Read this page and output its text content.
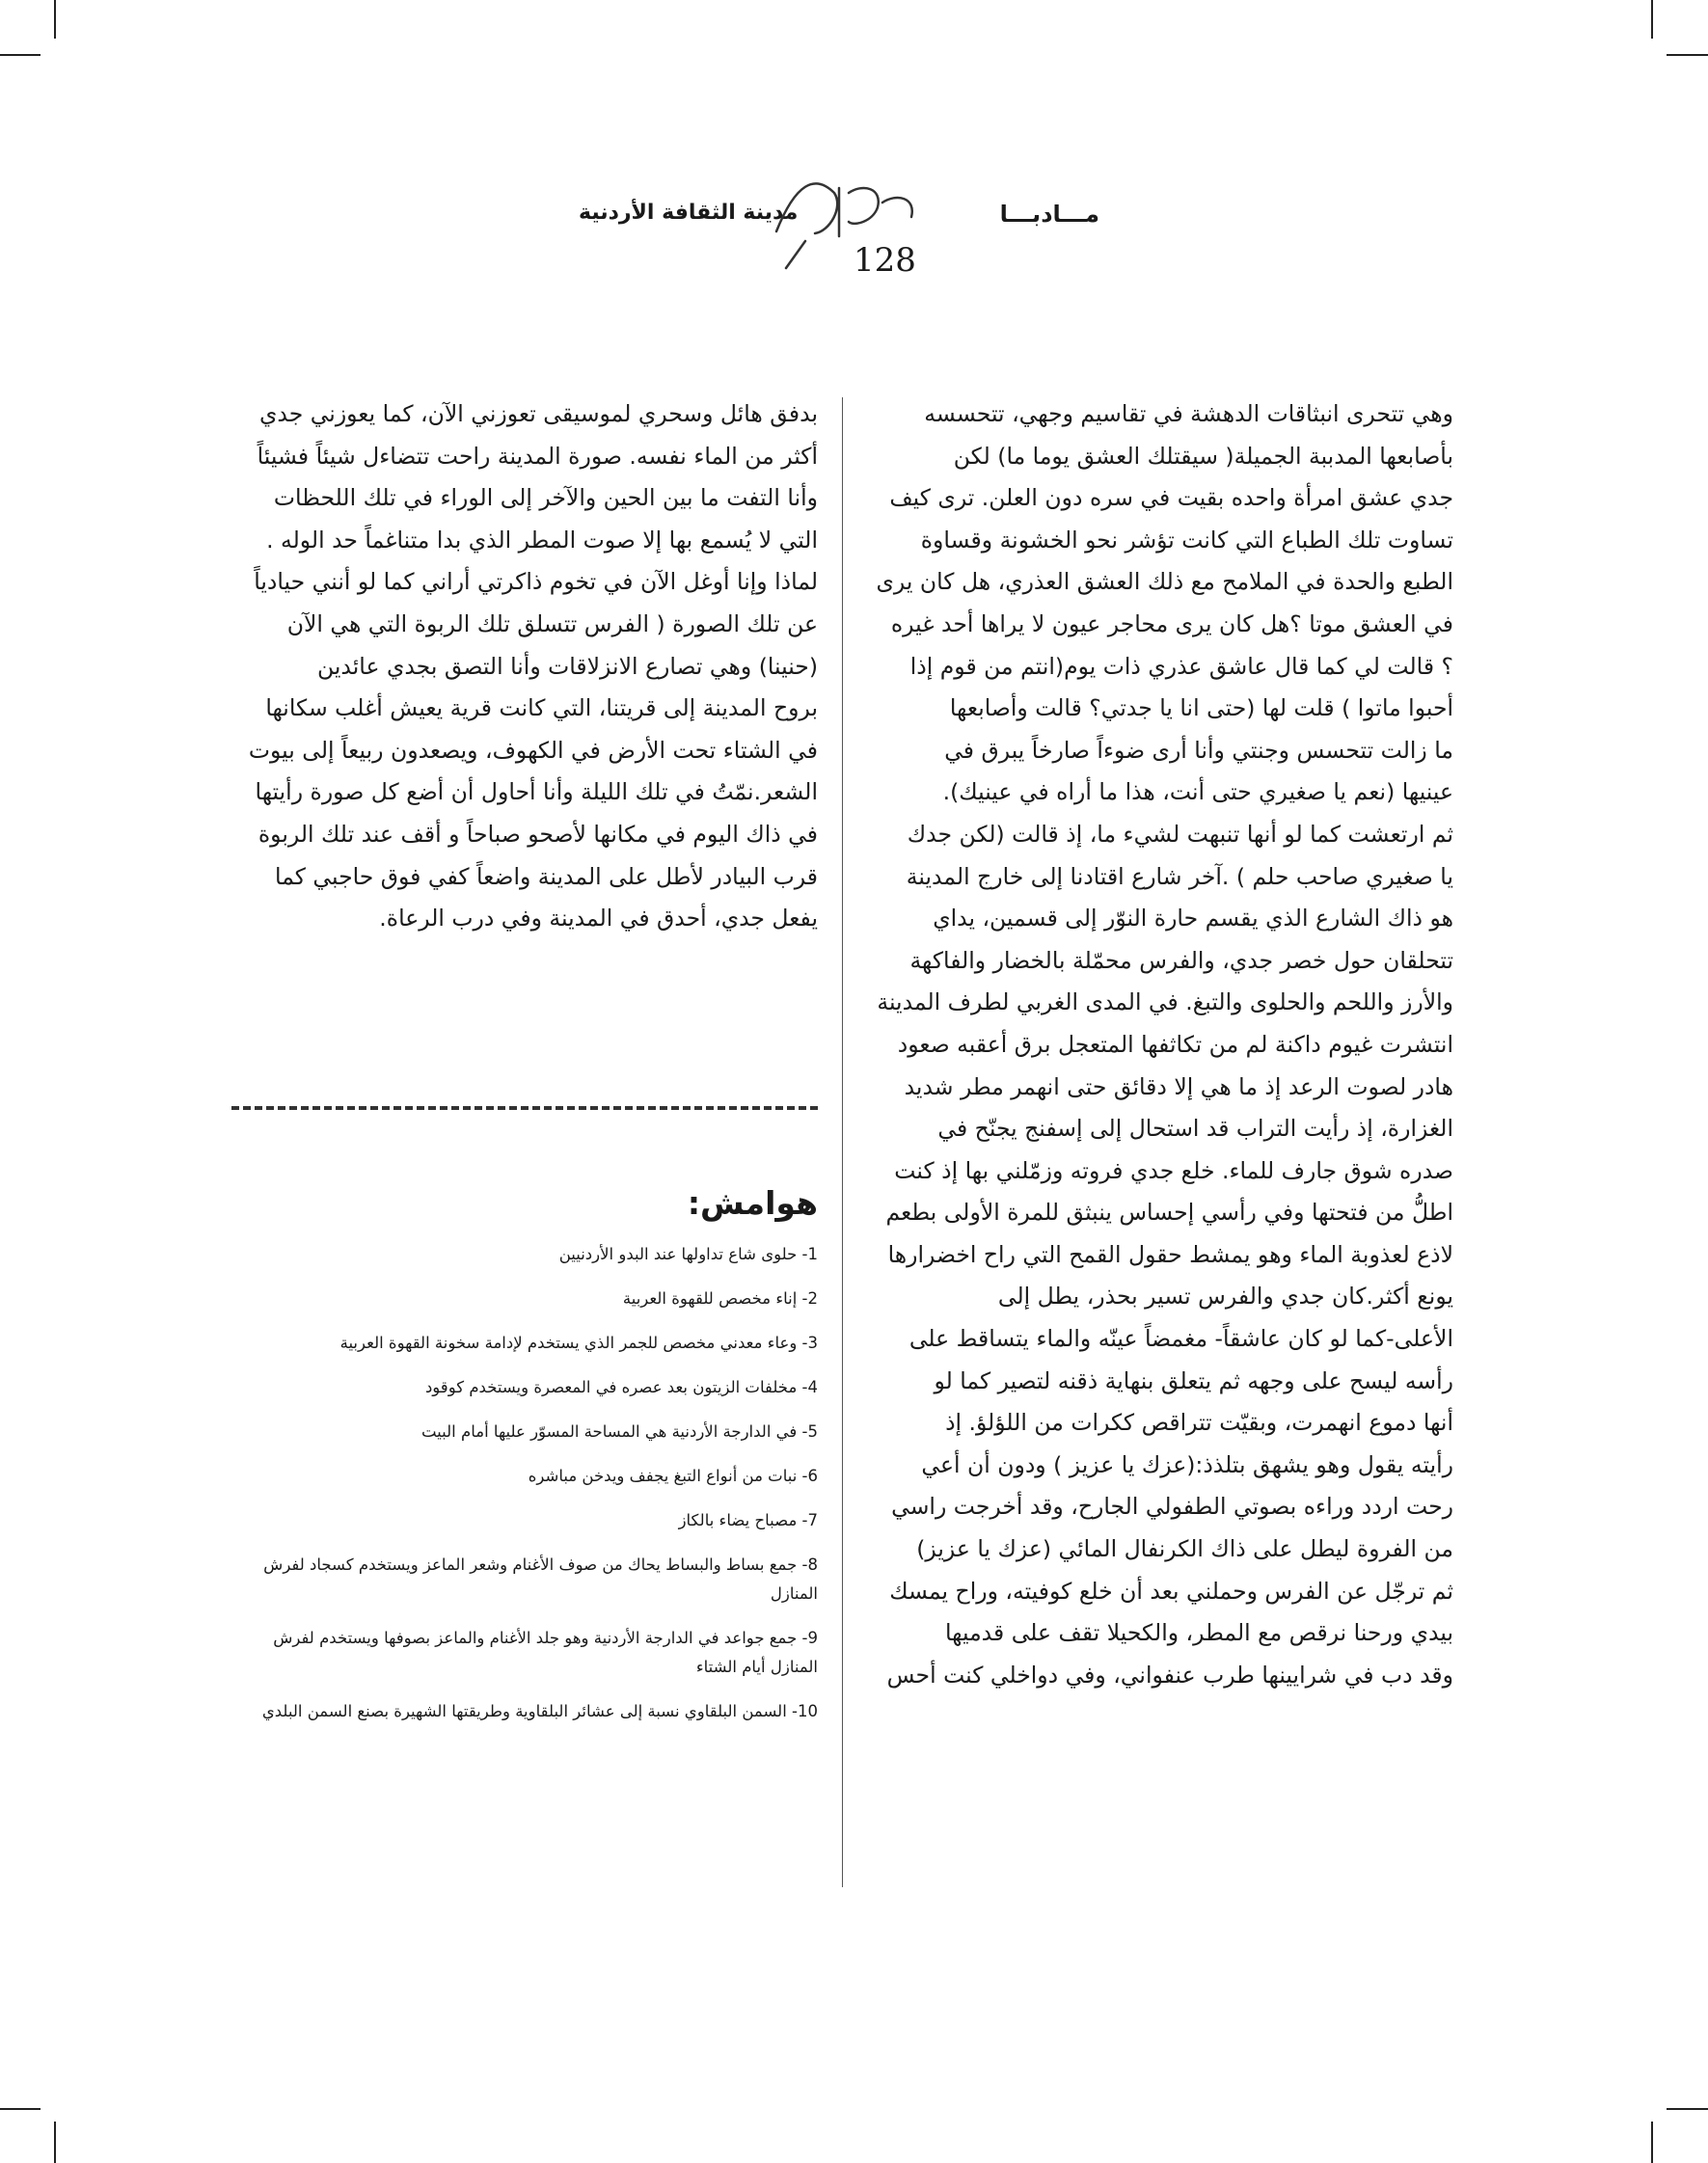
مـــادبـــا
مدينة الثقافة الأردنية
128

وهي تتحرى انبثاقات الدهشة في تقاسيم وجهي، تتحسسه

بأصابعها المدببة الجميلة( سيقتلك العشق يوما ما) لكن

جدي عشق امرأة واحده بقيت في سره دون العلن. ترى كيف

تساوت تلك الطباع التي كانت تؤشر نحو الخشونة وقساوة

الطبع والحدة في الملامح مع ذلك العشق العذري، هل كان يرى

في العشق موتا ؟هل كان يرى محاجر عيون لا يراها أحد غيره

؟ قالت لي كما قال عاشق عذري ذات يوم(انتم من قوم إذا

أحبوا ماتوا ) قلت لها (حتى انا يا جدتي؟ قالت وأصابعها

ما زالت تتحسس وجنتي وأنا أرى ضوءاً صارخاً يبرق في

عينيها (نعم يا صغيري حتى أنت، هذا ما أراه في عينيك).

ثم ارتعشت كما لو أنها تنبهت لشيء ما، إذ قالت (لكن جدك

يا صغيري صاحب حلم ) .آخر شارع اقتادنا إلى خارج المدينة

هو ذاك الشارع الذي يقسم حارة النوّر إلى قسمين، يداي

تتحلقان حول خصر جدي، والفرس محمّلة بالخضار والفاكهة

والأرز واللحم والحلوى والتبغ. في المدى الغربي لطرف المدينة

انتشرت غيوم داكنة لم من تكاثفها المتعجل برق أعقبه صعود

هادر لصوت الرعد إذ ما هي إلا دقائق حتى انهمر مطر شديد

الغزارة، إذ رأيت التراب قد استحال إلى إسفنج يجنّح في

صدره شوق جارف للماء. خلع جدي فروته وزمّلني بها إذ كنت

اطلُّ من فتحتها وفي رأسي إحساس ينبثق للمرة الأولى بطعم

لاذع لعذوبة الماء وهو يمشط حقول القمح التي راح اخضرارها

يونع أكثر.كان جدي والفرس تسير بحذر، يطل إلى

الأعلى-كما لو كان عاشقاً- مغمضاً عينّه والماء يتساقط على

رأسه ليسح على وجهه ثم يتعلق بنهاية ذقنه لتصير كما لو

أنها دموع انهمرت، وبقيّت تتراقص ككرات من اللؤلؤ. إذ

رأيته يقول وهو يشهق بتلذذ:(عزك يا عزيز ) ودون أن أعي

رحت اردد وراءه بصوتي الطفولي الجارح، وقد أخرجت راسي

من الفروة ليطل على ذاك الكرنفال المائي (عزك يا عزيز)

ثم ترجّل عن الفرس وحملني بعد أن خلع كوفيته، وراح يمسك

بيدي ورحنا نرقص مع المطر، والكحيلا تقف على قدميها

وقد دب في شرايينها طرب عنفواني، وفي دواخلي كنت أحس

بدفق هائل وسحري لموسيقى تعوزني الآن، كما يعوزني جدي

أكثر من الماء نفسه. صورة المدينة راحت تتضاءل شيئاً فشيئاً

وأنا التفت ما بين الحين والآخر إلى الوراء في تلك اللحظات

التي لا يُسمع بها إلا صوت المطر الذي بدا متناغماً حد الوله .

لماذا وإنا أوغل الآن في تخوم ذاكرتي أراني كما لو أنني حيادياً

عن تلك الصورة ( الفرس تتسلق تلك الربوة التي هي الآن

(حنينا) وهي تصارع الانزلاقات وأنا التصق بجدي عائدين

بروح المدينة إلى قريتنا، التي كانت قرية يعيش أغلب سكانها

في الشتاء تحت الأرض في الكهوف، ويصعدون ربيعاً إلى بيوت

الشعر.نمّتُ في تلك الليلة وأنا أحاول أن أضع كل صورة رأيتها

في ذاك اليوم في مكانها لأصحو صباحاً و أقف عند تلك الربوة

قرب البيادر لأطل على المدينة واضعاً كفي فوق حاجبي كما

يفعل جدي، أحدق في المدينة وفي درب الرعاة.

هوامش:
1- حلوى شاع تداولها عند البدو الأردنيين
2- إناء مخصص للقهوة العربية
3- وعاء معدني مخصص للجمر الذي يستخدم لإدامة سخونة القهوة العربية
4- مخلفات الزيتون بعد عصره في المعصرة ويستخدم كوقود
5- في الدارجة الأردنية هي المساحة المسوّر عليها أمام البيت
6- نبات من أنواع التبغ يجفف ويدخن مباشره
7- مصباح يضاء بالكاز
8- جمع بساط والبساط يحاك من صوف الأغنام وشعر الماعز ويستخدم كسجاد لفرش المنازل
9- جمع جواعد في الدارجة الأردنية وهو جلد الأغنام والماعز بصوفها ويستخدم لفرش المنازل أيام الشتاء
10- السمن البلقاوي نسبة إلى عشائر البلقاوية وطريقتها الشهيرة بصنع السمن البلدي
